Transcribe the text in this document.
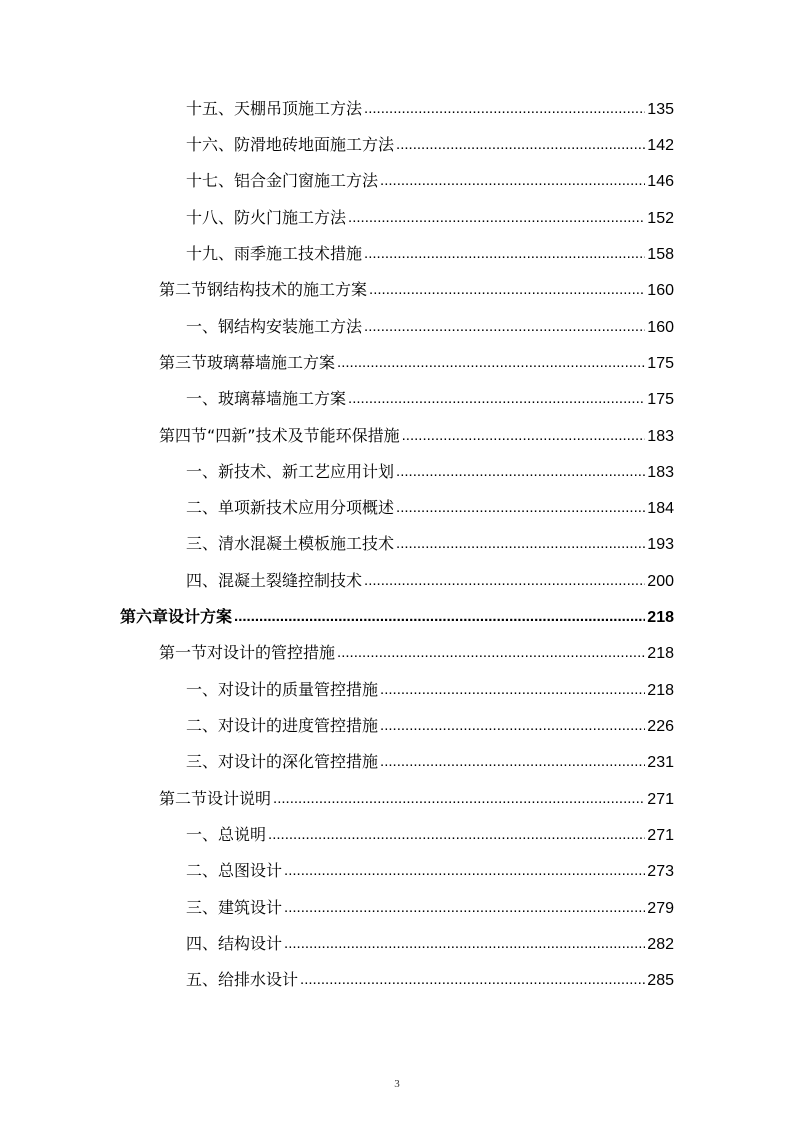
十五、 天棚吊顶施工方法 .....	135
十六、 防滑地砖地面施工方法 .....	142
十七、 铝合金门窗施工方法 .....	146
十八、 防火门施工方法 .....	152
十九、 雨季施工技术措施 .....	158
第二节 钢结构技术的施工方案 .....	160
一、 钢结构安装施工方法 .....	160
第三节 玻璃幕墙施工方案 .....	175
一、 玻璃幕墙施工方案 .....	175
第四节 “四新”技术及节能环保措施 .....	183
一、 新技术、新工艺应用计划 .....	183
二、 单项新技术应用分项概述 .....	184
三、 清水混凝土模板施工技术 .....	193
四、 混凝土裂缝控制技术 .....	200
第六章 设计方案 .....	218
第一节 对设计的管控措施 .....	218
一、 对设计的质量管控措施 .....	218
二、 对设计的进度管控措施 .....	226
三、 对设计的深化管控措施 .....	231
第二节 设计说明 .....	271
一、 总说明 .....	271
二、 总图设计 .....	273
三、 建筑设计 .....	279
四、 结构设计 .....	282
五、 给排水设计 .....	285
3
